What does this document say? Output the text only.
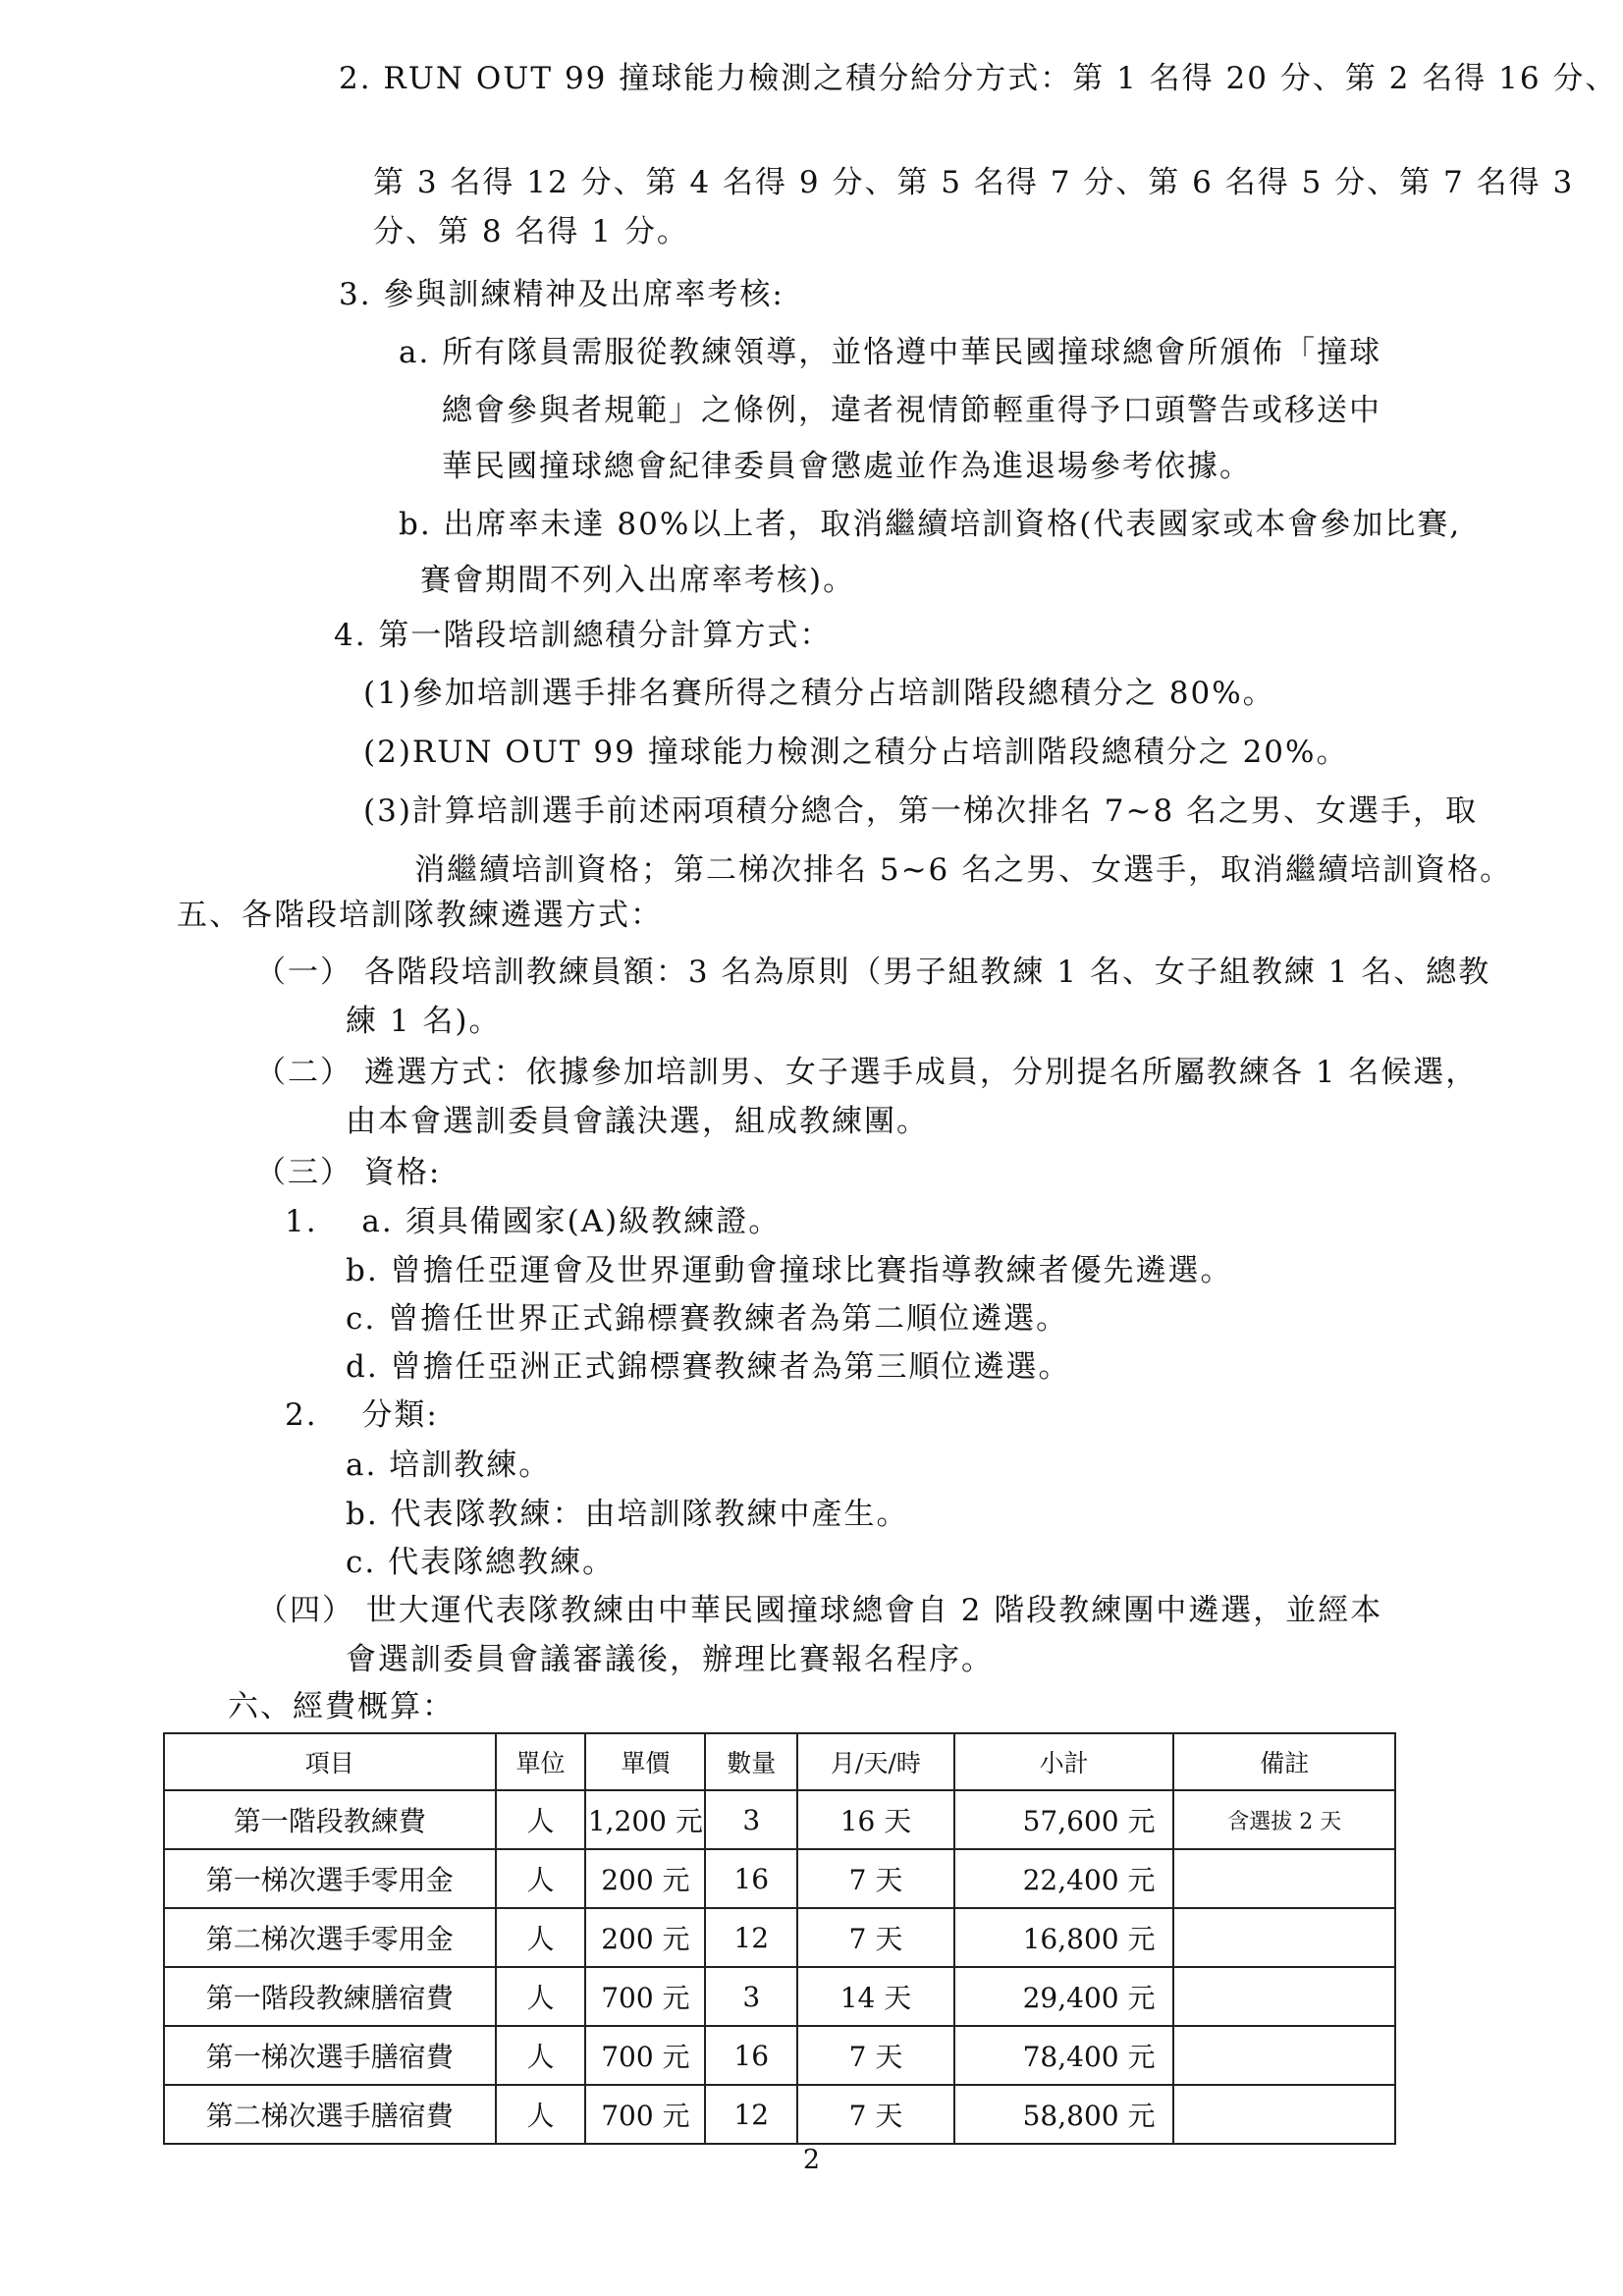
2. RUN OUT 99 撞球能力檢測之積分給分方式：第 1 名得 20 分、第 2 名得 16 分、
第 3 名得 12 分、第 4 名得 9 分、第 5 名得 7 分、第 6 名得 5 分、第 7 名得 3
分、第 8 名得 1 分。
3. 參與訓練精神及出席率考核:
a. 所有隊員需服從教練領導，並恪遵中華民國撞球總會所頒佈「撞球
總會參與者規範」之條例，違者視情節輕重得予口頭警告或移送中
華民國撞球總會紀律委員會懲處並作為進退場參考依據。
b. 出席率未達 80%以上者，取消繼續培訓資格(代表國家或本會參加比賽,
賽會期間不列入出席率考核)。
4. 第一階段培訓總積分計算方式：
(1)參加培訓選手排名賽所得之積分占培訓階段總積分之 80%。
(2)RUN OUT 99 撞球能力檢測之積分占培訓階段總積分之 20%。
(3)計算培訓選手前述兩項積分總合，第一梯次排名 7~8 名之男、女選手，取
消繼續培訓資格；第二梯次排名 5~6 名之男、女選手，取消繼續培訓資格。
五、各階段培訓隊教練遴選方式：
（一） 各階段培訓教練員額：3 名為原則（男子組教練 1 名、女子組教練 1 名、總教
練 1 名)。
（二） 遴選方式：依據參加培訓男、女子選手成員，分別提名所屬教練各 1 名候選，
由本會選訓委員會議決選，組成教練團。
（三） 資格:
1.　 a. 須具備國家(A)級教練證。
b. 曾擔任亞運會及世界運動會撞球比賽指導教練者優先遴選。
c. 曾擔任世界正式錦標賽教練者為第二順位遴選。
d. 曾擔任亞洲正式錦標賽教練者為第三順位遴選。
2.　 分類:
a. 培訓教練。
b. 代表隊教練：由培訓隊教練中產生。
c. 代表隊總教練。
（四） 世大運代表隊教練由中華民國撞球總會自 2 階段教練團中遴選，並經本
會選訓委員會議審議後，辦理比賽報名程序。
六、經費概算：
項目	單位	單價	數量	月/天/時	小計	備註
第一階段教練費	人	1,200 元	3	16 天	57,600 元	含選拔 2 天
第一梯次選手零用金	人	200 元	16	7 天	22,400 元	
第二梯次選手零用金	人	200 元	12	7 天	16,800 元	
第一階段教練膳宿費	人	700 元	3	14 天	29,400 元	
第一梯次選手膳宿費	人	700 元	16	7 天	78,400 元	
第二梯次選手膳宿費	人	700 元	12	7 天	58,800 元	
2
